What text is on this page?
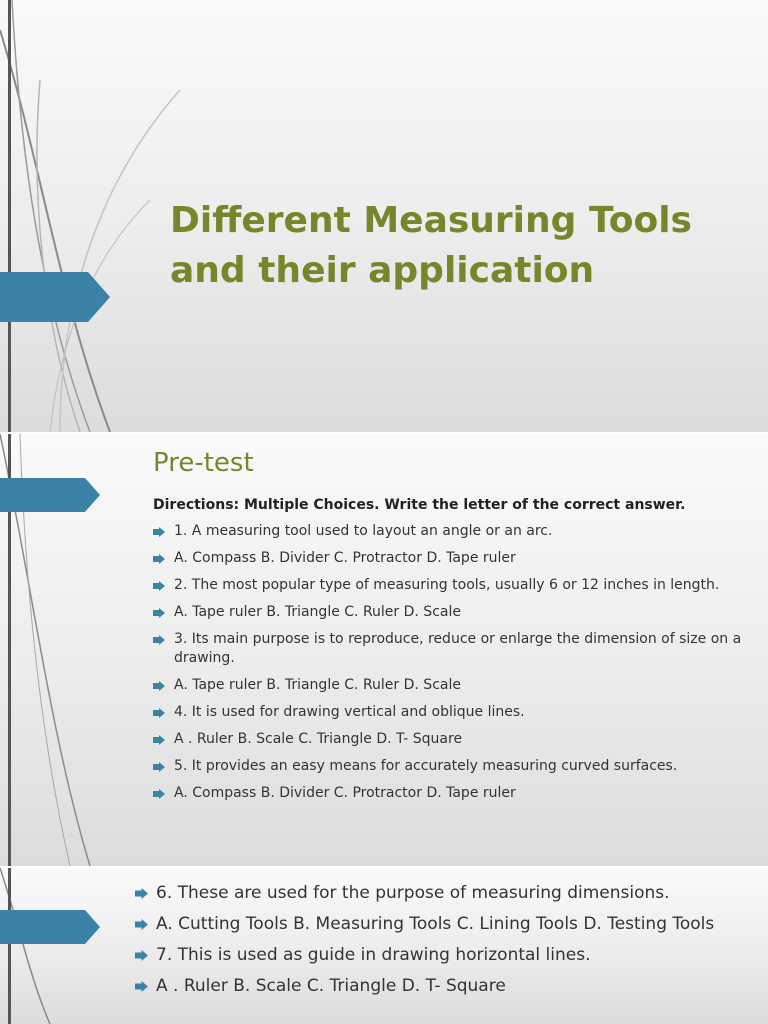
Different Measuring Tools
and their application
Pre-test

Directions: Multiple Choices. Write the letter of the correct answer.

1. A measuring tool used to layout an angle or an arc.
A. Compass B. Divider C. Protractor D. Tape ruler
2. The most popular type of measuring tools, usually 6 or 12 inches in length.
A. Tape ruler B. Triangle C. Ruler D. Scale
3. Its main purpose is to reproduce, reduce or enlarge the dimension of size on a drawing.
A. Tape ruler B. Triangle C. Ruler D. Scale
4. It is used for drawing vertical and oblique lines.
A . Ruler B. Scale C. Triangle D. T- Square
5. It provides an easy means for accurately measuring curved surfaces.
A. Compass B. Divider C. Protractor D. Tape ruler
6. These are used for the purpose of measuring dimensions.
A. Cutting Tools B. Measuring Tools C. Lining Tools D. Testing Tools
7. This is used as guide in drawing horizontal lines.
A . Ruler B. Scale C. Triangle D. T- Square
